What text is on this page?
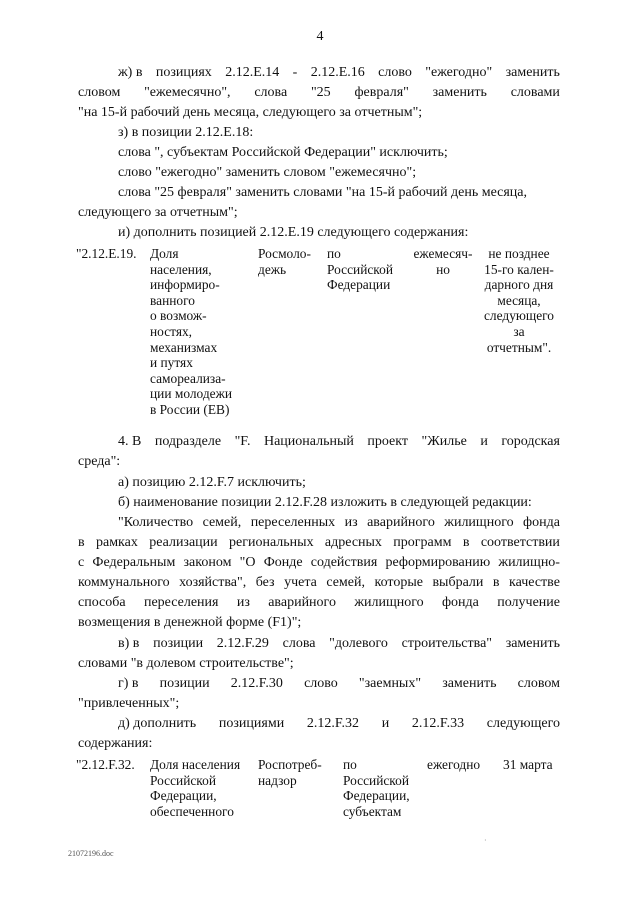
4
ж) в позициях 2.12.Е.14 - 2.12.Е.16 слово "ежегодно" заменить
словом "ежемесячно", слова "25 февраля" заменить словами
"на 15-й рабочий день месяца, следующего за отчетным";
з) в позиции 2.12.Е.18:
слова ", субъектам Российской Федерации" исключить;
слово "ежегодно" заменить словом "ежемесячно";
слова "25 февраля" заменить словами "на 15-й рабочий день месяца,
следующего за отчетным";
и) дополнить позицией 2.12.Е.19 следующего содержания:
"2.12.Е.19. Доля
населения,
информиро-
ванного
о возмож-
ностях,
механизмах
и путях
самореализа-
ции молодежи
в России (ЕВ)
Росмоло-
дежь
по
Российской
Федерации
ежемесяч-
но
не позднее
15-го кален-
дарного дня
месяца,
следующего
за
отчетным".
4. В подразделе "F. Национальный проект "Жилье и городская
среда":
а) позицию 2.12.F.7 исключить;
б) наименование позиции 2.12.F.28 изложить в следующей редакции:
"Количество семей, переселенных из аварийного жилищного фонда
в рамках реализации региональных адресных программ в соответствии
с Федеральным законом "О Фонде содействия реформированию жилищно-
коммунального хозяйства", без учета семей, которые выбрали в качестве
способа переселения из аварийного жилищного фонда получение
возмещения в денежной форме (F1)";
в) в позиции 2.12.F.29 слова "долевого строительства" заменить
словами "в долевом строительстве";
г) в позиции 2.12.F.30 слово "заемных" заменить словом
"привлеченных";
д) дополнить позициями 2.12.F.32 и 2.12.F.33 следующего
содержания:
"2.12.F.32. Доля населения
Российской
Федерации,
обеспеченного
Роспотреб-
надзор
по
Российской
Федерации,
субъектам
ежегодно 31 марта
·
21072196.doc
